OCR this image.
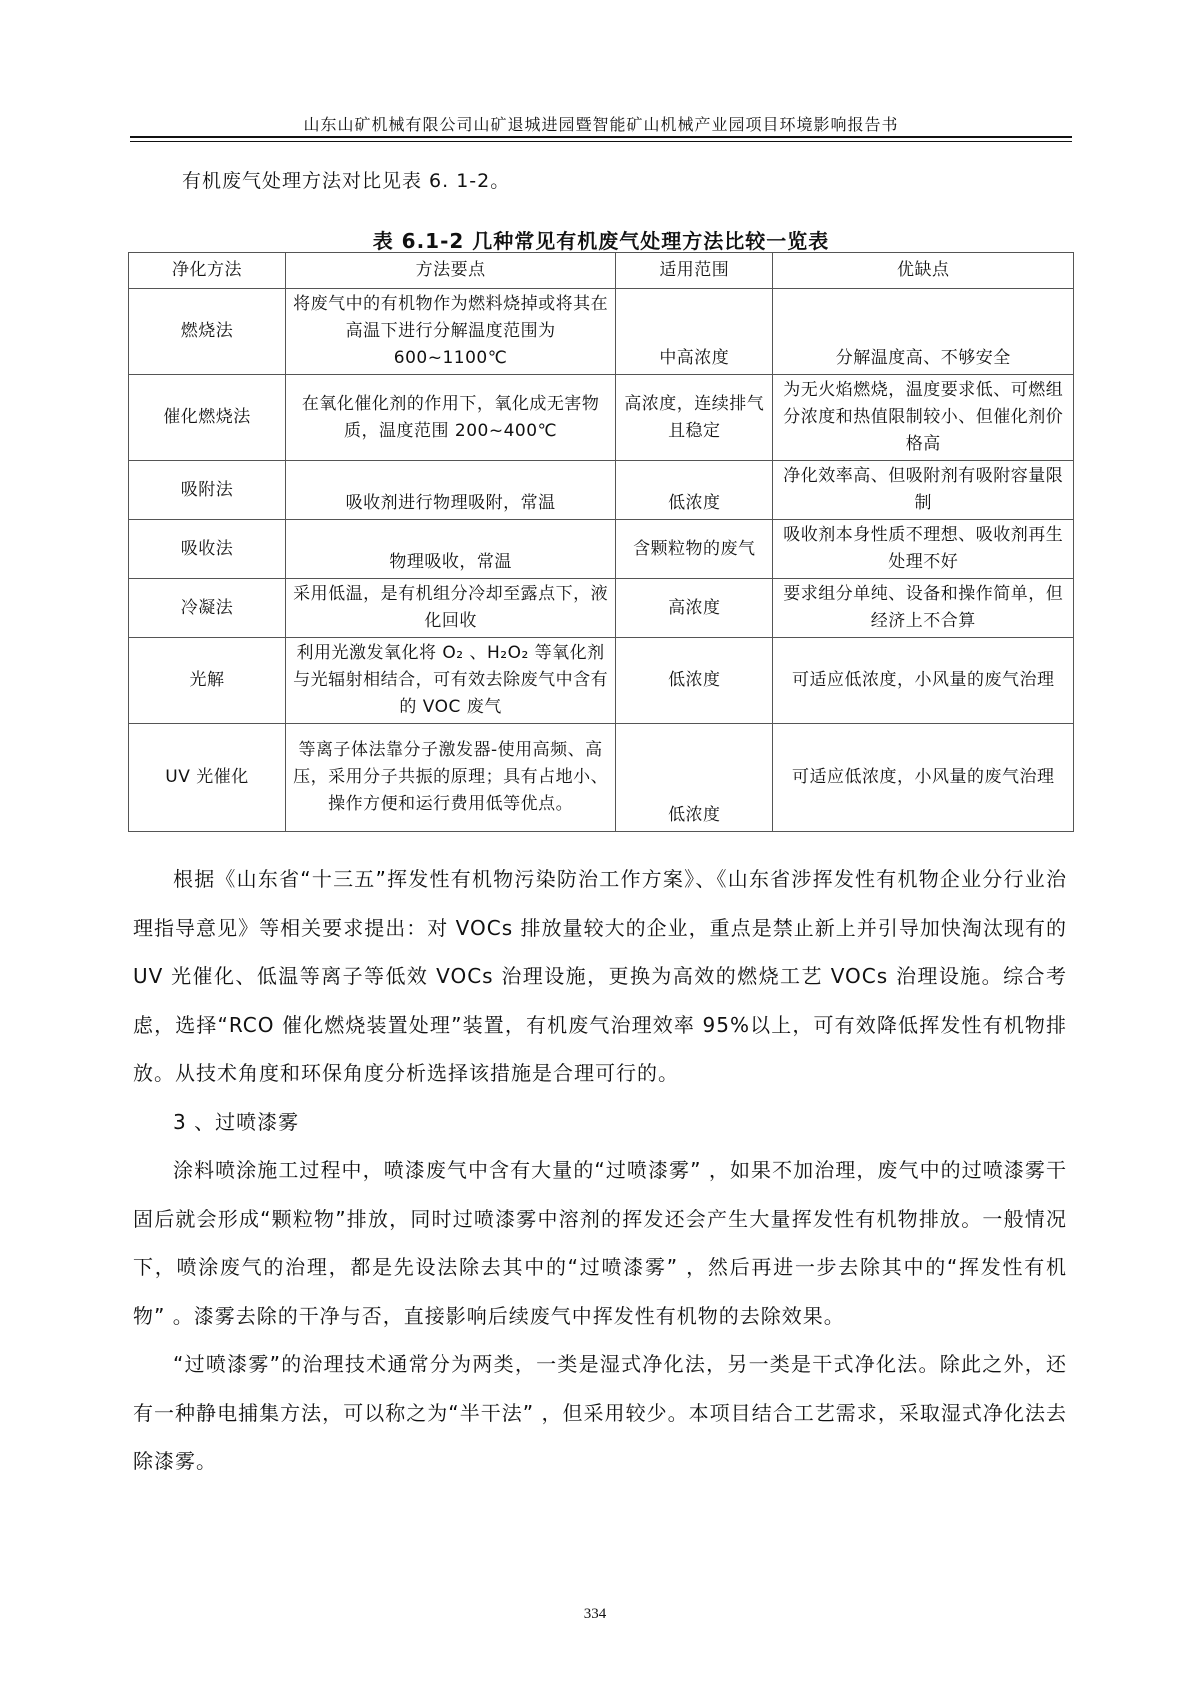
山东山矿机械有限公司山矿退城进园暨智能矿山机械产业园项目环境影响报告书
有机废气处理方法对比见表 6. 1-2。
表 6.1-2 几种常见有机废气处理方法比较一览表
净化方法	方法要点	适用范围	优缺点
燃烧法	将废气中的有机物作为燃料烧掉或将其在高温下进行分解温度范围为600~1100℃	中高浓度	分解温度高、不够安全
催化燃烧法	在氧化催化剂的作用下，氧化成无害物质，温度范围 200~400℃	高浓度，连续排气且稳定	为无火焰燃烧，温度要求低、可燃组分浓度和热值限制较小、但催化剂价格高
吸附法	吸收剂进行物理吸附，常温	低浓度	净化效率高、但吸附剂有吸附容量限制
吸收法	物理吸收，常温	含颗粒物的废气	吸收剂本身性质不理想、吸收剂再生处理不好
冷凝法	采用低温，是有机组分冷却至露点下，液化回收	高浓度	要求组分单纯、设备和操作简单，但经济上不合算
光解	利用光激发氧化将 O₂ 、H₂O₂ 等氧化剂与光辐射相结合，可有效去除废气中含有的 VOC 废气	低浓度	可适应低浓度，小风量的废气治理
UV 光催化	等离子体法靠分子激发器-使用高频、高压，采用分子共振的原理；具有占地小、操作方便和运行费用低等优点。	低浓度	可适应低浓度，小风量的废气治理

根据《山东省“十三五”挥发性有机物污染防治工作方案》、《山东省涉挥发性有机物企业分行业治理指导意见》等相关要求提出：对 VOCs 排放量较大的企业，重点是禁止新上并引导加快淘汰现有的 UV 光催化、低温等离子等低效 VOCs 治理设施，更换为高效的燃烧工艺 VOCs 治理设施。综合考虑，选择“RCO 催化燃烧装置处理”装置，有机废气治理效率 95%以上，可有效降低挥发性有机物排放。从技术角度和环保角度分析选择该措施是合理可行的。

3 、过喷漆雾

涂料喷涂施工过程中，喷漆废气中含有大量的“过喷漆雾” ，如果不加治理，废气中的过喷漆雾干固后就会形成“颗粒物”排放，同时过喷漆雾中溶剂的挥发还会产生大量挥发性有机物排放。一般情况下，喷涂废气的治理，都是先设法除去其中的“过喷漆雾” ，然后再进一步去除其中的“挥发性有机物” 。漆雾去除的干净与否，直接影响后续废气中挥发性有机物的去除效果。

“过喷漆雾”的治理技术通常分为两类，一类是湿式净化法，另一类是干式净化法。除此之外，还有一种静电捕集方法，可以称之为“半干法” ，但采用较少。本项目结合工艺需求，采取湿式净化法去除漆雾。

334
